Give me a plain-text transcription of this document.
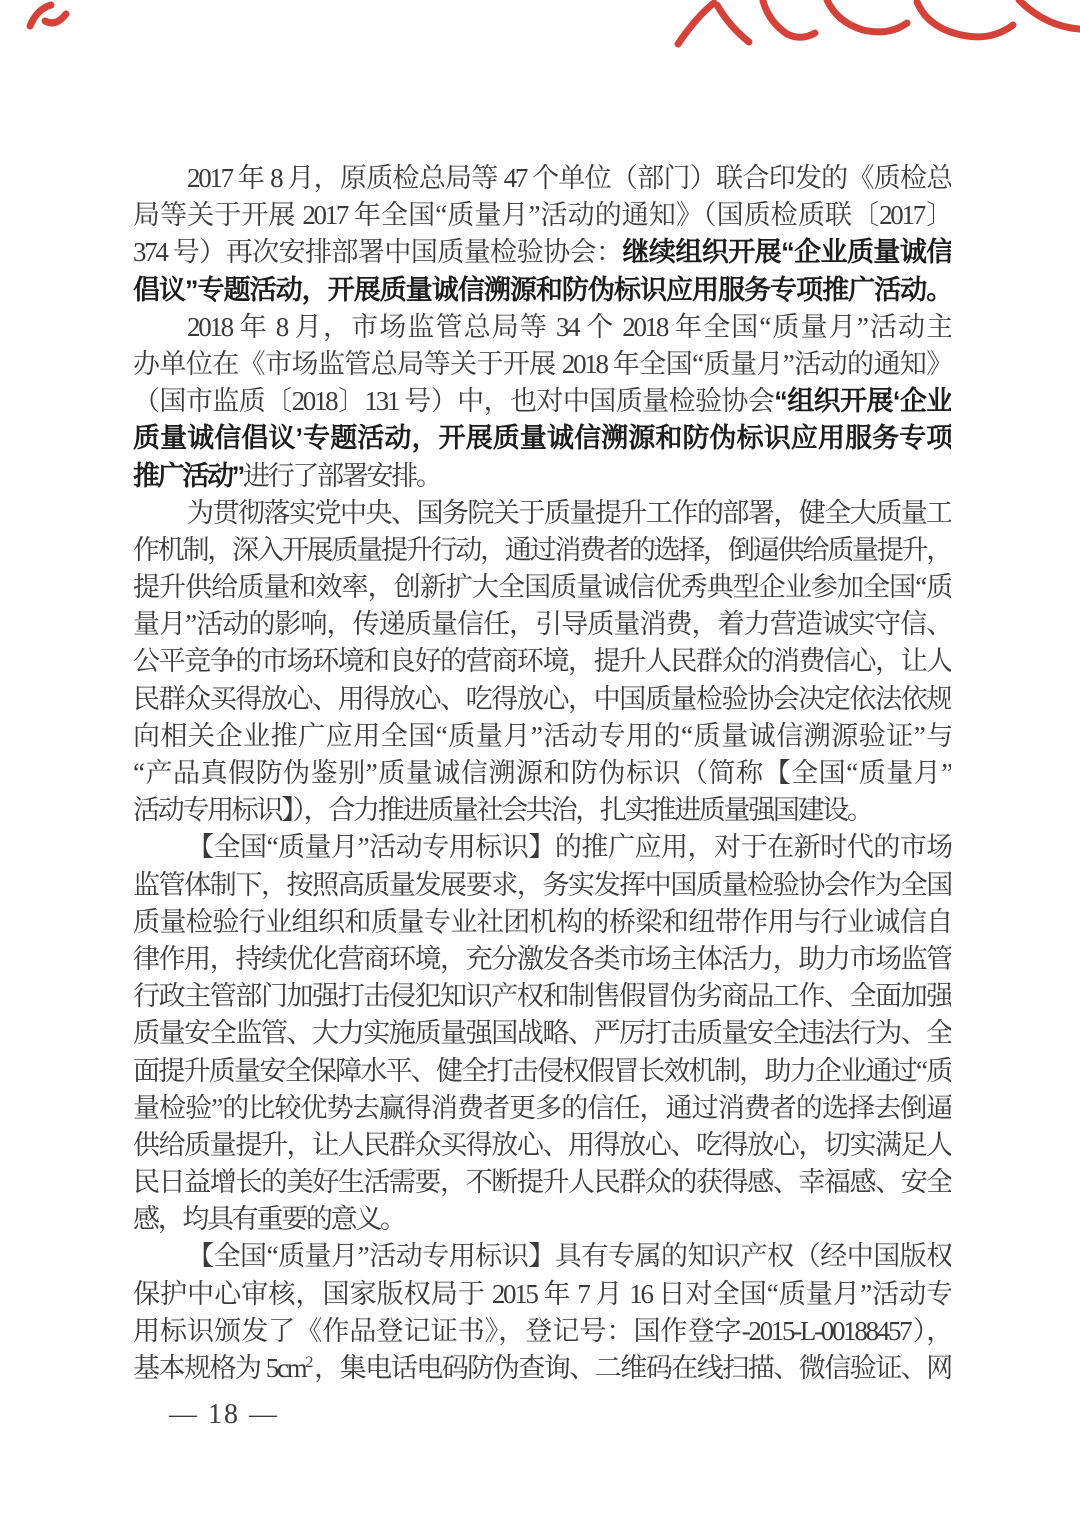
2017 年 8 月，原质检总局等 47 个单位（部门）联合印发的《质检总
局等关于开展 2017 年全国“质量月”活动的通知》（国质检质联〔2017〕
374 号）再次安排部署中国质量检验协会：继续组织开展“企业质量诚信
倡议”专题活动，开展质量诚信溯源和防伪标识应用服务专项推广活动。
2018 年 8 月，市场监管总局等 34 个 2018 年全国“质量月”活动主
办单位在《市场监管总局等关于开展 2018 年全国“质量月”活动的通知》
（国市监质〔2018〕131 号）中，也对中国质量检验协会“组织开展‘企业
质量诚信倡议’专题活动，开展质量诚信溯源和防伪标识应用服务专项
推广活动”进行了部署安排。
为贯彻落实党中央、国务院关于质量提升工作的部署，健全大质量工
作机制，深入开展质量提升行动，通过消费者的选择，倒逼供给质量提升，
提升供给质量和效率，创新扩大全国质量诚信优秀典型企业参加全国“质
量月”活动的影响，传递质量信任，引导质量消费，着力营造诚实守信、
公平竞争的市场环境和良好的营商环境，提升人民群众的消费信心，让人
民群众买得放心、用得放心、吃得放心，中国质量检验协会决定依法依规
向相关企业推广应用全国“质量月”活动专用的“质量诚信溯源验证”与
“产品真假防伪鉴别”质量诚信溯源和防伪标识（简称【全国“质量月”
活动专用标识】），合力推进质量社会共治，扎实推进质量强国建设。
【全国“质量月”活动专用标识】的推广应用，对于在新时代的市场
监管体制下，按照高质量发展要求，务实发挥中国质量检验协会作为全国
质量检验行业组织和质量专业社团机构的桥梁和纽带作用与行业诚信自
律作用，持续优化营商环境，充分激发各类市场主体活力，助力市场监管
行政主管部门加强打击侵犯知识产权和制售假冒伪劣商品工作、全面加强
质量安全监管、大力实施质量强国战略、严厉打击质量安全违法行为、全
面提升质量安全保障水平、健全打击侵权假冒长效机制，助力企业通过“质
量检验”的比较优势去赢得消费者更多的信任，通过消费者的选择去倒逼
供给质量提升，让人民群众买得放心、用得放心、吃得放心，切实满足人
民日益增长的美好生活需要，不断提升人民群众的获得感、幸福感、安全
感，均具有重要的意义。
【全国“质量月”活动专用标识】具有专属的知识产权（经中国版权
保护中心审核，国家版权局于 2015 年 7 月 16 日对全国“质量月”活动专
用标识颁发了《作品登记证书》，登记号：国作登字-2015-L-00188457），
基本规格为 $5cm^2$，集电话电码防伪查询、二维码在线扫描、微信验证、网
— 18 —
